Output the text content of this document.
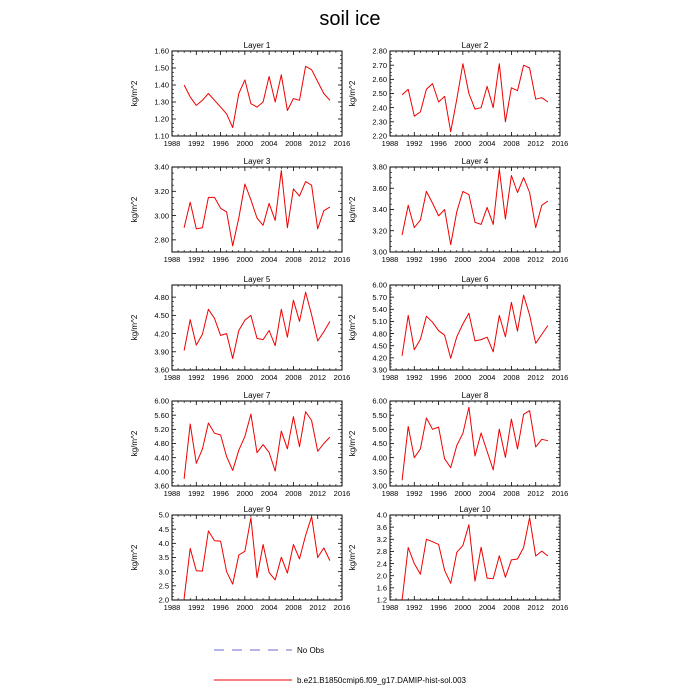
soil ice
Layer 1
kg/m^2
1988 1992 1996 2000 2004 2008 2012 2016
1.10
1.20
1.30
1.40
1.50
1.60
Layer 2
kg/m^2
1988 1992 1996 2000 2004 2008 2012 2016
2.20
2.30
2.40
2.50
2.60
2.70
2.80
Layer 3
kg/m^2
1988 1992 1996 2000 2004 2008 2012 2016
2.80
3.00
3.20
3.40
Layer 4
kg/m^2
1988 1992 1996 2000 2004 2008 2012 2016
3.00
3.20
3.40
3.60
3.80
Layer 5
kg/m^2
1988 1992 1996 2000 2004 2008 2012 2016
3.60
3.90
4.20
4.50
4.80
Layer 6
kg/m^2
1988 1992 1996 2000 2004 2008 2012 2016
3.90
4.20
4.50
4.80
5.10
5.40
5.70
6.00
Layer 7
kg/m^2
1988 1992 1996 2000 2004 2008 2012 2016
3.60
4.00
4.40
4.80
5.20
5.60
6.00
Layer 8
kg/m^2
1988 1992 1996 2000 2004 2008 2012 2016
3.00
3.50
4.00
4.50
5.00
5.50
6.00
Layer 9
kg/m^2
1988 1992 1996 2000 2004 2008 2012 2016
2.0
2.5
3.0
3.5
4.0
4.5
5.0
Layer 10
kg/m^2
1988 1992 1996 2000 2004 2008 2012 2016
1.2
1.6
2.0
2.4
2.8
3.2
3.6
4.0
No Obs
b.e21.B1850cmip6.f09_g17.DAMIP-hist-sol.003
